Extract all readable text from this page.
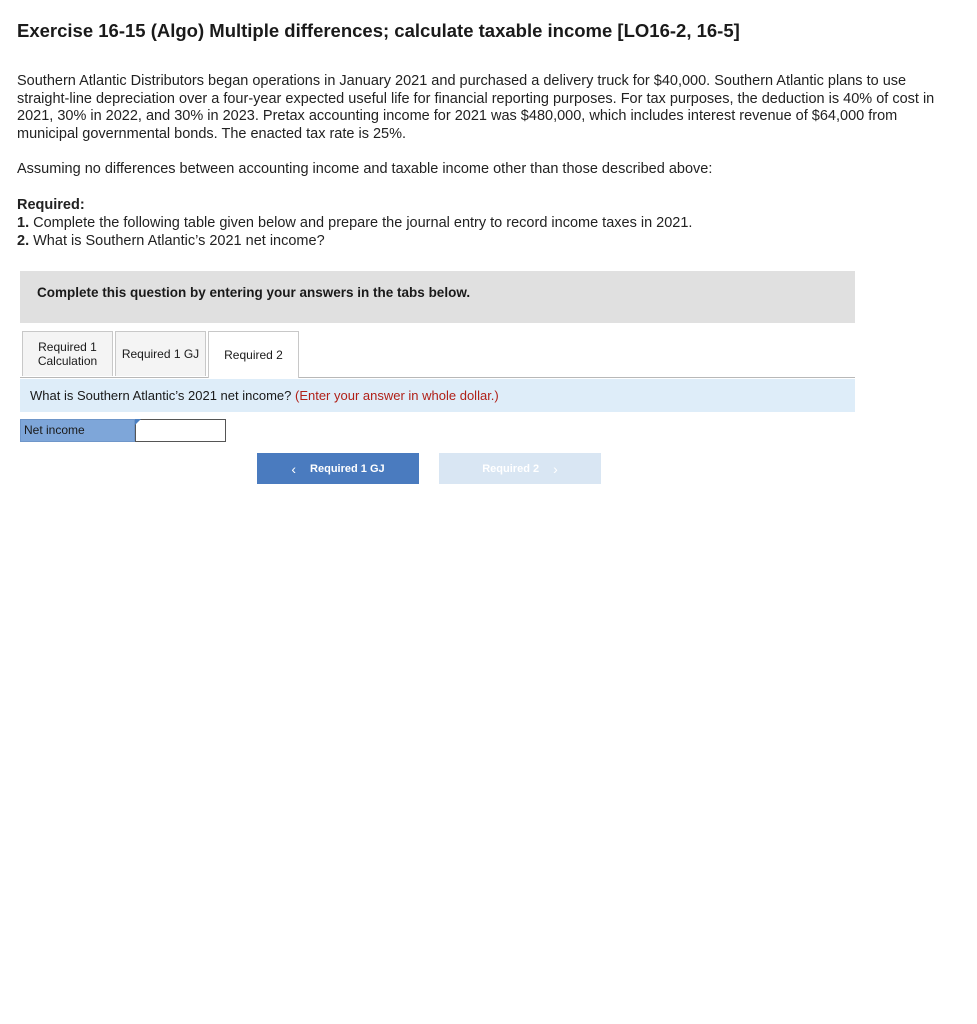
Exercise 16-15 (Algo) Multiple differences; calculate taxable income [LO16-2, 16-5]
Southern Atlantic Distributors began operations in January 2021 and purchased a delivery truck for $40,000. Southern Atlantic plans to use straight-line depreciation over a four-year expected useful life for financial reporting purposes. For tax purposes, the deduction is 40% of cost in 2021, 30% in 2022, and 30% in 2023. Pretax accounting income for 2021 was $480,000, which includes interest revenue of $64,000 from municipal governmental bonds. The enacted tax rate is 25%.
Assuming no differences between accounting income and taxable income other than those described above:
Required:
1. Complete the following table given below and prepare the journal entry to record income taxes in 2021.
2. What is Southern Atlantic’s 2021 net income?
Complete this question by entering your answers in the tabs below.
Required 1
Calculation Required 1 GJ Required 2
What is Southern Atlantic’s 2021 net income? (Enter your answer in whole dollar.)
Net income
‹ Required 1 GJ	Required 2 ›
